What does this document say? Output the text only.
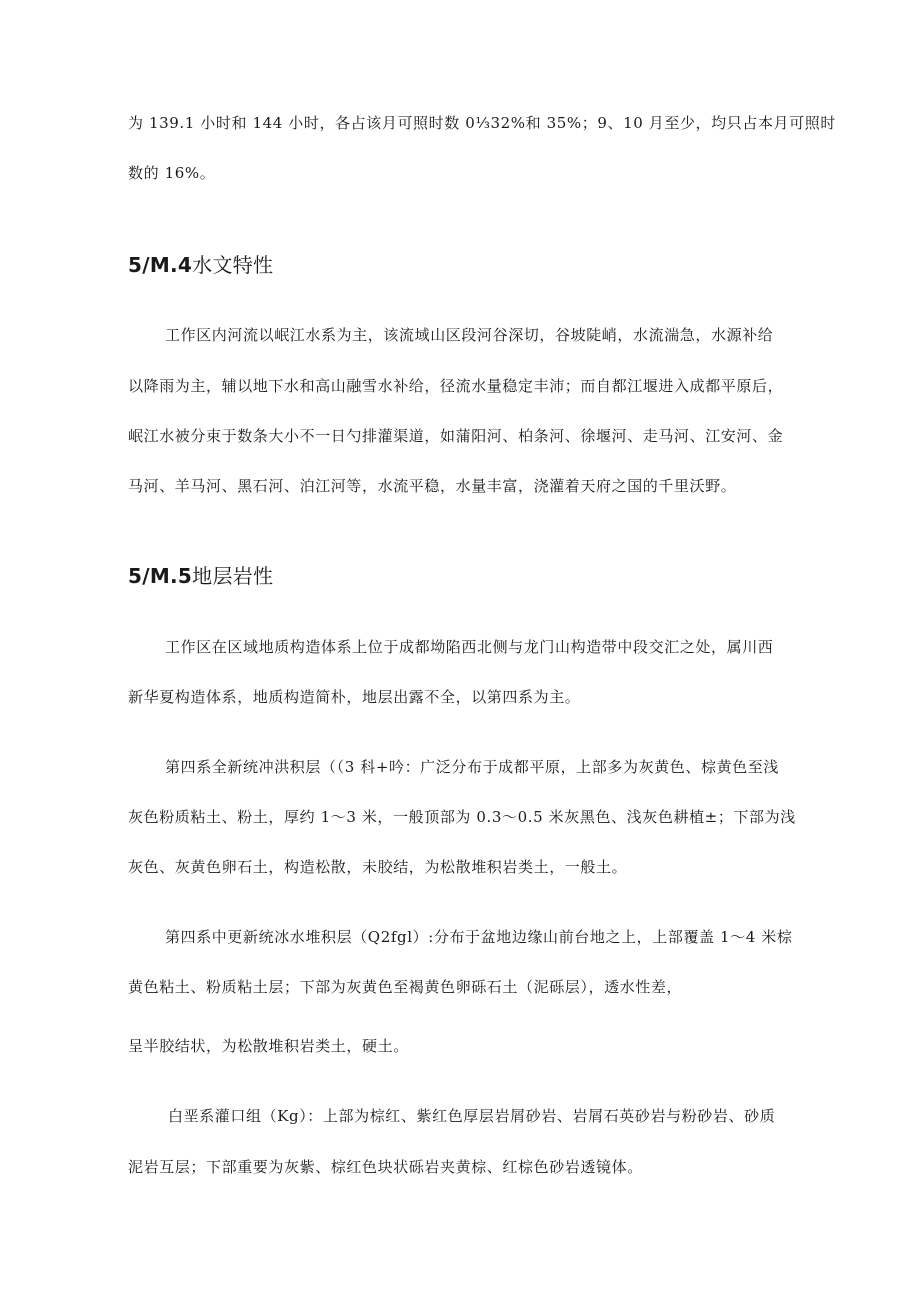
为 139.1 小时和 144 小时，各占该月可照时数 0⅓32%和 35%；9、10 月至少，均只占本月可照时
数的 16%。
5/M.4水文特性
工作区内河流以岷江水系为主，该流域山区段河谷深切，谷坡陡峭，水流湍急，水源补给
以降雨为主，辅以地下水和高山融雪水补给，径流水量稳定丰沛；而自都江堰进入成都平原后，
岷江水被分束于数条大小不一日勺排灌渠道，如蒲阳河、柏条河、徐堰河、走马河、江安河、金
马河、羊马河、黑石河、泊江河等，水流平稳，水量丰富，浇灌着天府之国的千里沃野。
5/M.5地层岩性
工作区在区域地质构造体系上位于成都坳陷西北侧与龙门山构造带中段交汇之处，属川西
新华夏构造体系，地质构造简朴，地层出露不全，以第四系为主。
第四系全新统冲洪积层（（3 科+吟：广泛分布于成都平原，上部多为灰黄色、棕黄色至浅
灰色粉质粘土、粉土，厚约 1～3 米，一般顶部为 0.3～0.5 米灰黑色、浅灰色耕植±；下部为浅
灰色、灰黄色卵石土，构造松散，未胶结，为松散堆积岩类土，一般土。
第四系中更新统冰水堆积层（Q2fgl）:分布于盆地边缘山前台地之上，上部覆盖 1～4 米棕
黄色粘土、粉质粘土层；下部为灰黄色至褐黄色卵砾石土（泥砾层），透水性差，
呈半胶结状，为松散堆积岩类土，硬土。
白垩系灌口组（Kg）：上部为棕红、紫红色厚层岩屑砂岩、岩屑石英砂岩与粉砂岩、砂质
泥岩互层；下部重要为灰紫、棕红色块状砾岩夹黄棕、红棕色砂岩透镜体。
